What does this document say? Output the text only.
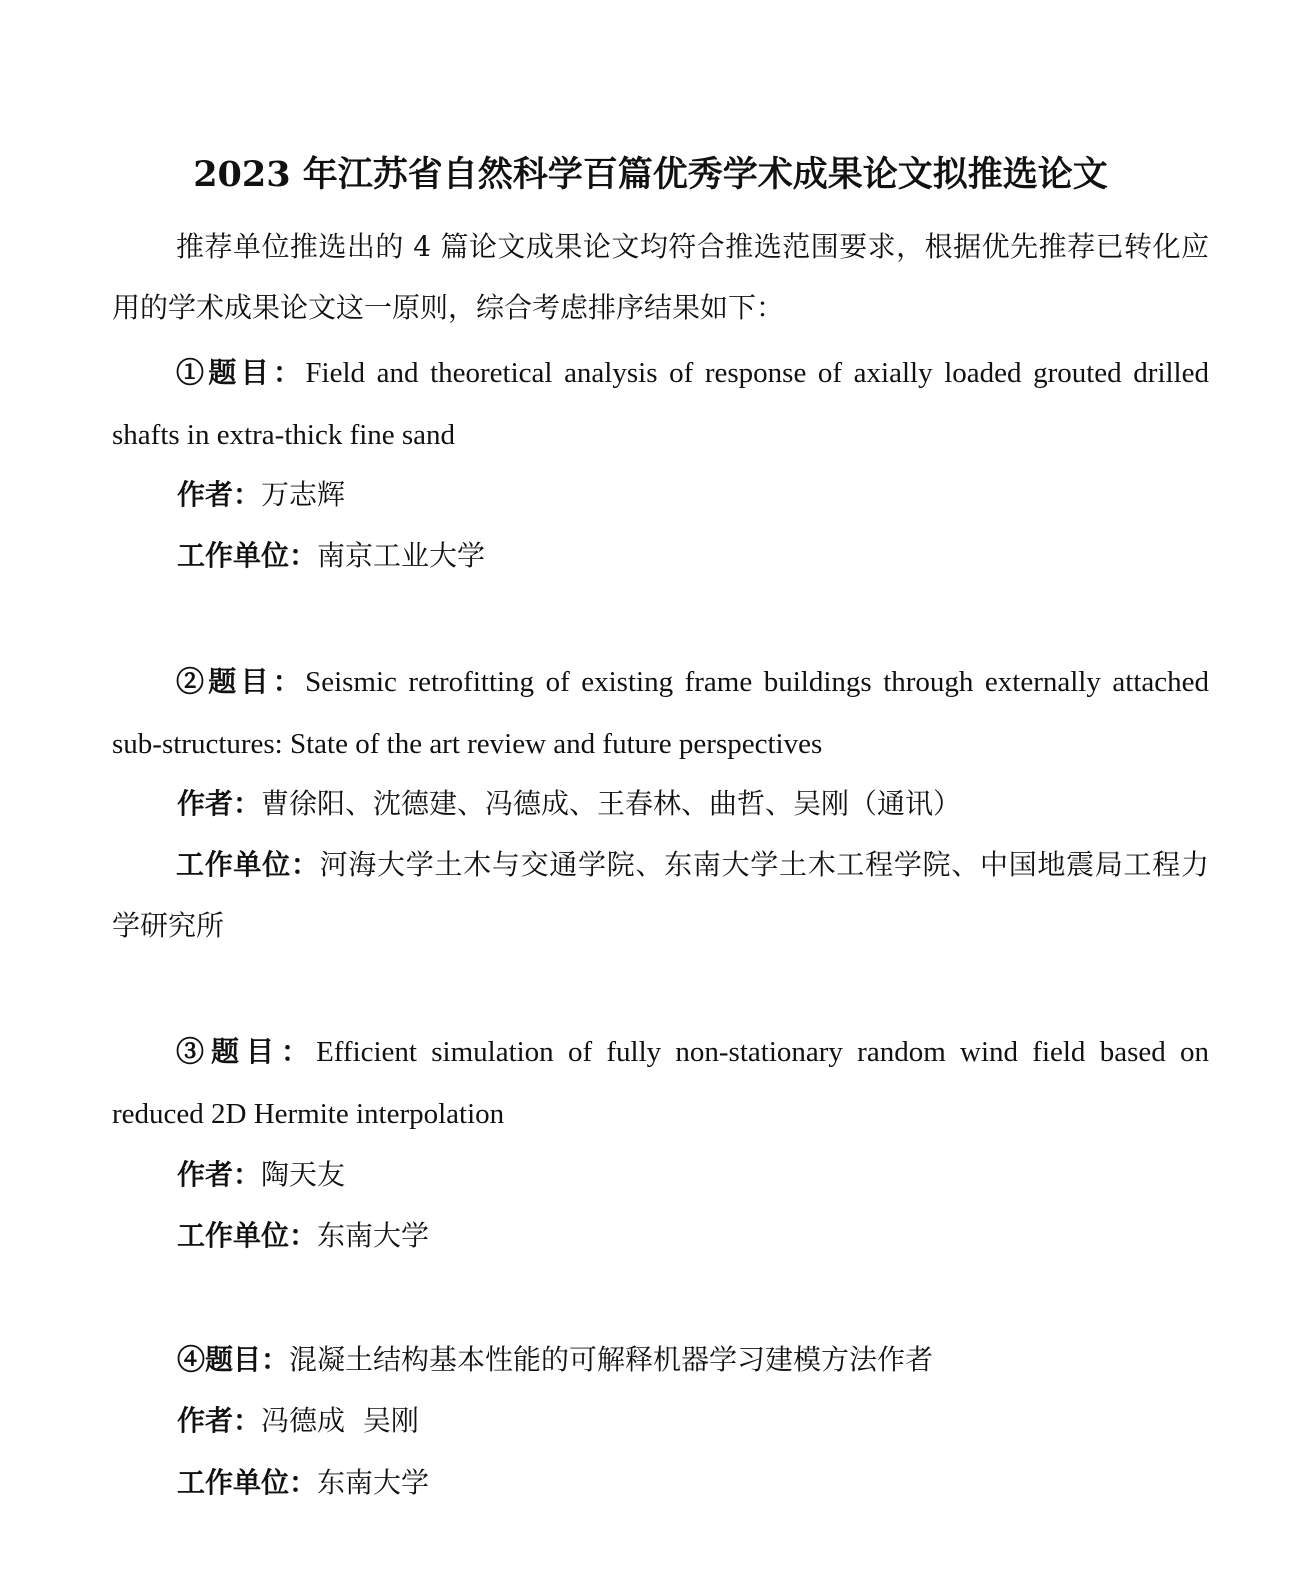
2023 年江苏省自然科学百篇优秀学术成果论文拟推选论文
推荐单位推选出的 4 篇论文成果论文均符合推选范围要求，根据优先推荐已转化应用的学术成果论文这一原则，综合考虑排序结果如下：
①题目：Field and theoretical analysis of response of axially loaded grouted drilled shafts in extra-thick fine sand
作者：万志辉
工作单位：南京工业大学
②题目：Seismic retrofitting of existing frame buildings through externally attached sub-structures: State of the art review and future perspectives
作者：曹徐阳、沈德建、冯德成、王春林、曲哲、吴刚（通讯）
工作单位：河海大学土木与交通学院、东南大学土木工程学院、中国地震局工程力学研究所
③题目：Efficient simulation of fully non-stationary random wind field based on reduced 2D Hermite interpolation
作者：陶天友
工作单位：东南大学
④题目：混凝土结构基本性能的可解释机器学习建模方法作者
作者：冯德成  吴刚
工作单位：东南大学
